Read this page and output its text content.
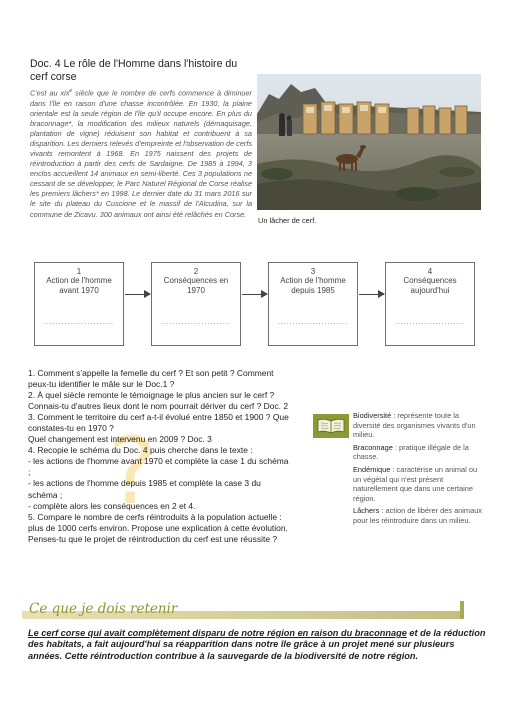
Doc. 4 Le rôle de l'Homme dans l'histoire du cerf corse
C'est au xix$^e$ siècle que le nombre de cerfs commence à diminuer dans l'île en raison d'une chasse incontrôlée. En 1930, la plaine orientale est la seule région de l'île qu'il occupe encore. En plus du braconnage*, la modification des milieux naturels (démaquisage, plantation de vigne) réduisent son habitat et contribuent à sa disparition. Les derniers relevés d'empreinte et l'observation de cerfs vivants remontent à 1968. En 1975 naissent des projets de réintroduction à partir des cerfs de Sardaigne. De 1985 à 1994, 3 enclos accueillent 14 animaux en semi-liberté. Ces 3 populations ne cessant de se développer, le Parc Naturel Régional de Corse réalise les premiers lâchers* en 1998. Le dernier date du 31 mars 2016 sur le site du plateau du Cuscione et le massif de l'Alcudina, sur la commune de Zicavu. 300 animaux ont ainsi été relâchés en Corse.
Un lâcher de cerf.
1
Action de l'homme avant 1970
........................
2
Conséquences en 1970
........................
3
Action de l'homme depuis 1985
........................
4
Conséquences aujourd'hui
........................
?

1. Comment s'appelle la femelle du cerf ? Et son petit ? Comment peux-tu identifier le mâle sur le Doc.1 ?

2. À quel siècle remonte le témoignage le plus ancien sur le cerf ? Connais-tu d'autres lieux dont le nom pourrait dériver du cerf ? Doc. 2

3. Comment le territoire du cerf a-t-il évolué entre 1850 et 1900 ? Que constates-tu en 1970 ?

Quel changement est intervenu en 2009 ? Doc. 3

4. Recopie le schéma du Doc. 4 puis cherche dans le texte :

- les actions de l'homme avant 1970 et complète la case 1 du schéma ;

- les actions de l'homme depuis 1985 et complète la case 3 du schéma ;

- complète alors les conséquences en 2 et 4.

5. Compare le nombre de cerfs réintroduits à la population actuelle : plus de 1000 cerfs environ. Propose une explication à cette évolution. Penses-tu que le projet de réintroduction du cerf est une réussite ?

Biodiversité : représente toute la diversité des organismes vivants d'un milieu.
Braconnage : pratique illégale de la chasse.
Endémique : caractérise un animal ou un végétal qui n'est présent naturellement que dans une certaine région.
Lâchers : action de libérer des animaux pour les réintroduire dans un milieu.
Ce que je dois retenir
Le cerf corse qui avait complètement disparu de notre région en raison du braconnage et de la réduction des habitats, a fait aujourd'hui sa réapparition dans notre île grâce à un projet mené sur plusieurs années. Cette réintroduction contribue à la sauvegarde de la biodiversité de notre région.
